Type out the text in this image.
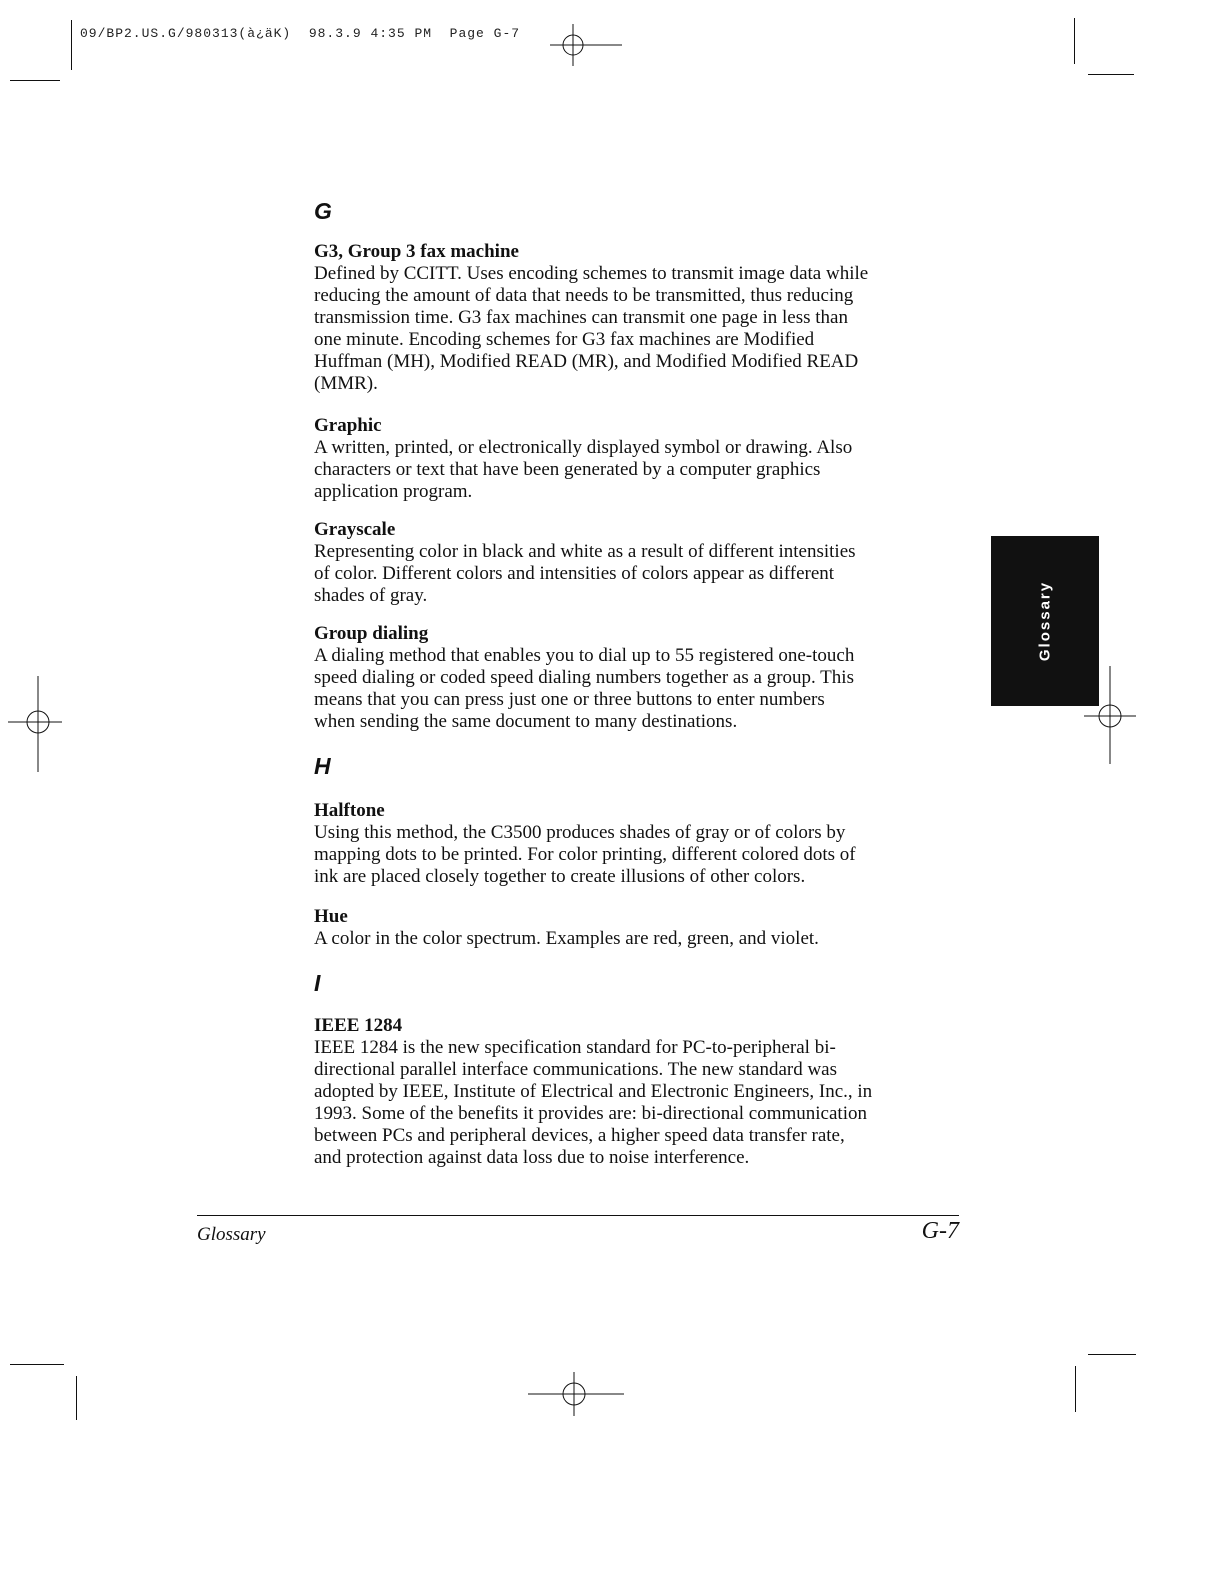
09/BP2.US.G/980313(à¿äK)  98.3.9 4:35 PM  Page G-7
G

G3, Group 3 fax machine

Defined by CCITT. Uses encoding schemes to transmit image data while
reducing the amount of data that needs to be transmitted, thus reducing
transmission time. G3 fax machines can transmit one page in less than
one minute. Encoding schemes for G3 fax machines are Modified
Huffman (MH), Modified READ (MR), and Modified Modified READ
(MMR).

Graphic

A written, printed, or electronically displayed symbol or drawing. Also
characters or text that have been generated by a computer graphics
application program.

Grayscale

Representing color in black and white as a result of different intensities
of color. Different colors and intensities of colors appear as different
shades of gray.

Group dialing

A dialing method that enables you to dial up to 55 registered one-touch
speed dialing or coded speed dialing numbers together as a group. This
means that you can press just one or three buttons to enter numbers
when sending the same document to many destinations.
H

Halftone

Using this method, the C3500 produces shades of gray or of colors by
mapping dots to be printed. For color printing, different colored dots of
ink are placed closely together to create illusions of other colors.

Hue

A color in the color spectrum. Examples are red, green, and violet.
I

IEEE 1284

IEEE 1284 is the new specification standard for PC-to-peripheral bi-
directional parallel interface communications. The new standard was
adopted by IEEE, Institute of Electrical and Electronic Engineers, Inc., in
1993. Some of the benefits it provides are: bi-directional communication
between PCs and peripheral devices, a higher speed data transfer rate,
and protection against data loss due to noise interference.
Glossary
Glossary	G-7
